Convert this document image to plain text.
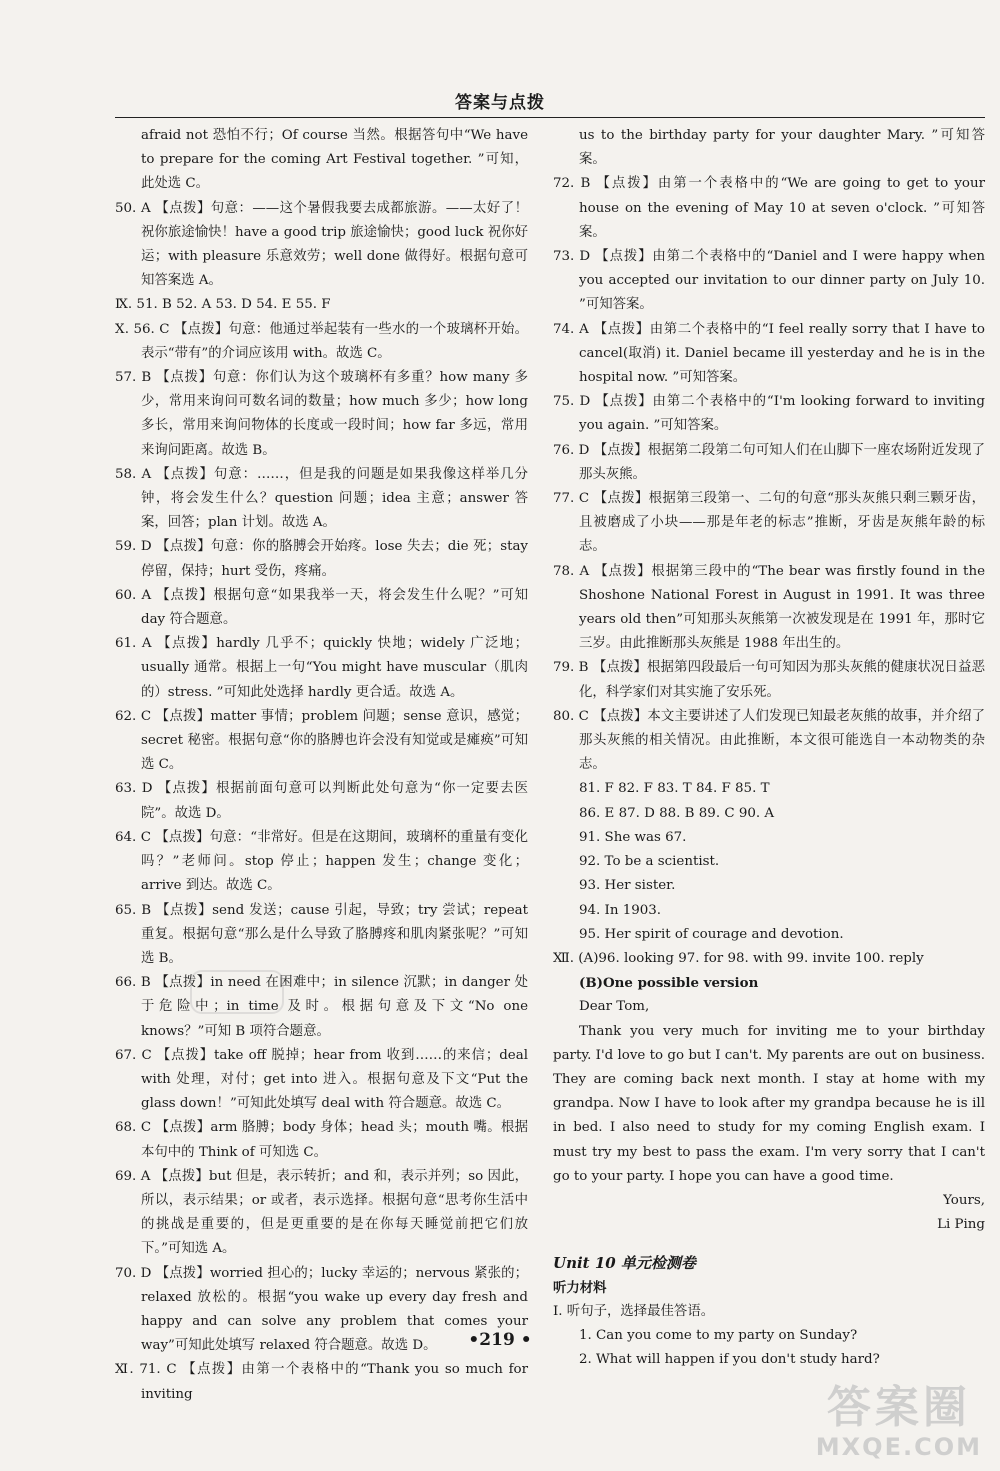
答案与点拨

afraid not 恐怕不行；Of course 当然。根据答句中“We have to prepare for the coming Art Festival together. ”可知，此处选 C。

50. A 【点拨】句意：——这个暑假我要去成都旅游。——太好了！祝你旅途愉快！have a good trip 旅途愉快；good luck 祝你好运；with pleasure 乐意效劳；well done 做得好。根据句意可知答案选 A。

Ⅸ. 51. B 52. A 53. D 54. E 55. F

Ⅹ. 56. C 【点拨】句意：他通过举起装有一些水的一个玻璃杯开始。表示“带有”的介词应该用 with。故选 C。

57. B 【点拨】句意：你们认为这个玻璃杯有多重？how many 多少，常用来询问可数名词的数量；how much 多少；how long 多长，常用来询问物体的长度或一段时间；how far 多远，常用来询问距离。故选 B。

58. A 【点拨】句意：……，但是我的问题是如果我像这样举几分钟，将会发生什么？question 问题；idea 主意；answer 答案，回答；plan 计划。故选 A。

59. D 【点拨】句意：你的胳膊会开始疼。lose 失去；die 死；stay 停留，保持；hurt 受伤，疼痛。

60. A 【点拨】根据句意“如果我举一天，将会发生什么呢？”可知 day 符合题意。

61. A 【点拨】hardly 几乎不；quickly 快地；widely 广泛地；usually 通常。根据上一句“You might have muscular（肌肉的）stress. ”可知此处选择 hardly 更合适。故选 A。

62. C 【点拨】matter 事情；problem 问题；sense 意识，感觉；secret 秘密。根据句意“你的胳膊也许会没有知觉或是瘫痪”可知选 C。

63. D 【点拨】根据前面句意可以判断此处句意为“你一定要去医院”。故选 D。

64. C 【点拨】句意：“非常好。但是在这期间，玻璃杯的重量有变化吗？”老师问。stop 停止；happen 发生；change 变化；arrive 到达。故选 C。

65. B 【点拨】send 发送；cause 引起，导致；try 尝试；repeat 重复。根据句意“那么是什么导致了胳膊疼和肌肉紧张呢？”可知选 B。

66. B 【点拨】in need 在困难中；in silence 沉默；in danger 处于危险中；in time 及时。根据句意及下文“No one knows？”可知 B 项符合题意。

67. C 【点拨】take off 脱掉；hear from 收到……的来信；deal with 处理，对付；get into 进入。根据句意及下文“Put the glass down！”可知此处填写 deal with 符合题意。故选 C。

68. C 【点拨】arm 胳膊；body 身体；head 头；mouth 嘴。根据本句中的 Think of 可知选 C。

69. A 【点拨】but 但是，表示转折；and 和，表示并列；so 因此，所以，表示结果；or 或者，表示选择。根据句意“思考你生活中的挑战是重要的，但是更重要的是在你每天睡觉前把它们放下。”可知选 A。

70. D 【点拨】worried 担心的；lucky 幸运的；nervous 紧张的；relaxed 放松的。根据“you wake up every day fresh and happy and can solve any problem that comes your way”可知此处填写 relaxed 符合题意。故选 D。

Ⅺ. 71. C 【点拨】由第一个表格中的“Thank you so much for inviting

us to the birthday party for your daughter Mary. ”可知答案。

72. B 【点拨】由第一个表格中的“We are going to get to your house on the evening of May 10 at seven o'clock. ”可知答案。

73. D 【点拨】由第二个表格中的“Daniel and I were happy when you accepted our invitation to our dinner party on July 10. ”可知答案。

74. A 【点拨】由第二个表格中的“I feel really sorry that I have to cancel(取消) it. Daniel became ill yesterday and he is in the hospital now. ”可知答案。

75. D 【点拨】由第二个表格中的“I'm looking forward to inviting you again. ”可知答案。

76. D 【点拨】根据第二段第二句可知人们在山脚下一座农场附近发现了那头灰熊。

77. C 【点拨】根据第三段第一、二句的句意“那头灰熊只剩三颗牙齿，且被磨成了小块——那是年老的标志”推断，牙齿是灰熊年龄的标志。

78. A 【点拨】根据第三段中的“The bear was firstly found in the Shoshone National Forest in August in 1991. It was three years old then”可知那头灰熊第一次被发现是在 1991 年，那时它三岁。由此推断那头灰熊是 1988 年出生的。

79. B 【点拨】根据第四段最后一句可知因为那头灰熊的健康状况日益恶化，科学家们对其实施了安乐死。

80. C 【点拨】本文主要讲述了人们发现已知最老灰熊的故事，并介绍了那头灰熊的相关情况。由此推断，本文很可能选自一本动物类的杂志。

81. F 82. F 83. T 84. F 85. T

86. E 87. D 88. B 89. C 90. A

91. She was 67.

92. To be a scientist.

93. Her sister.

94. In 1903.

95. Her spirit of courage and devotion.

Ⅻ. (A)96. looking 97. for 98. with 99. invite 100. reply

(B)One possible version

Dear Tom,

Thank you very much for inviting me to your birthday party. I'd love to go but I can't. My parents are out on business. They are coming back next month. I stay at home with my grandpa. Now I have to look after my grandpa because he is ill in bed. I also need to study for my coming English exam. I must try my best to pass the exam. I'm very sorry that I can't go to your party. I hope you can have a good time.

Yours,

Li Ping

Unit 10 单元检测卷

听力材料

Ⅰ. 听句子，选择最佳答语。

1. Can you come to my party on Sunday?

2. What will happen if you don't study hard?

•219 •
答案圈
MXQE.COM
